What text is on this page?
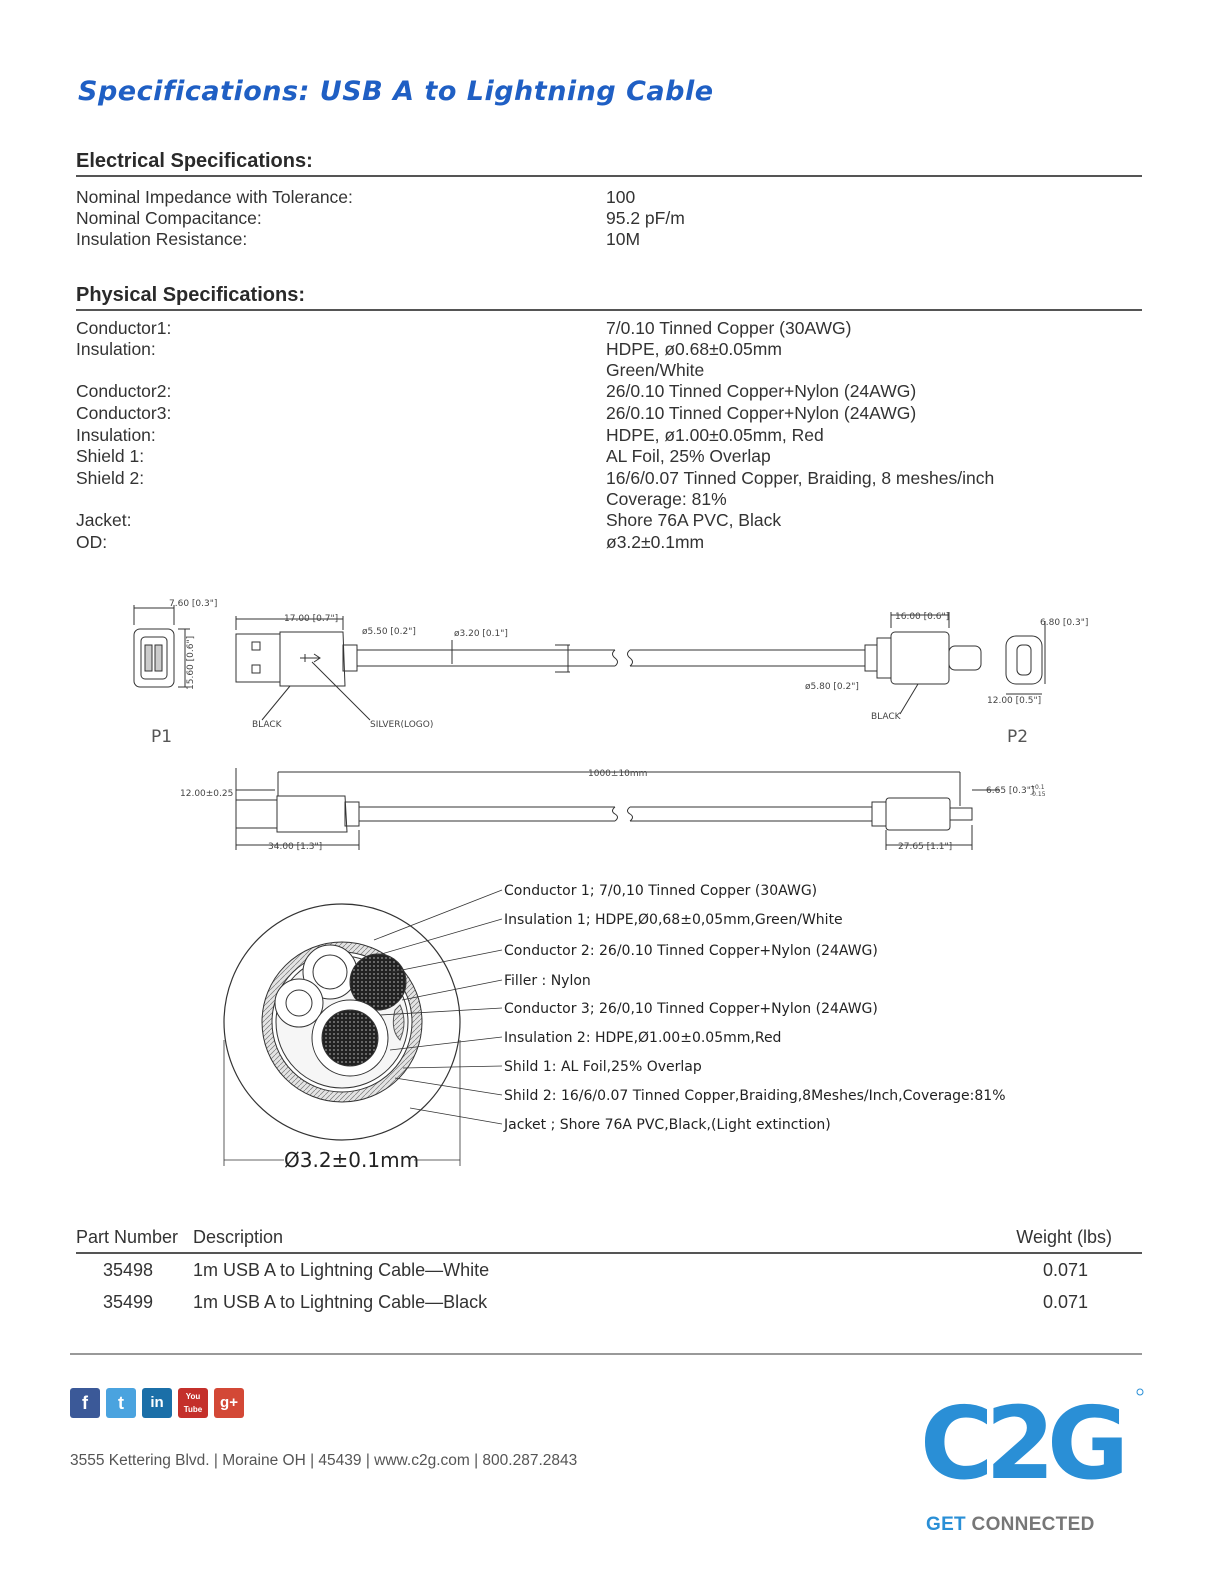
Specifications: USB A to Lightning Cable
Electrical Specifications:
Nominal Impedance with Tolerance:	100
Nominal Compacitance:	95.2 pF/m
Insulation Resistance:	10M
Physical Specifications:
Conductor1:	7/0.10 Tinned Copper (30AWG)
Insulation:	HDPE, ø0.68±0.05mm
Green/White
Conductor2:	26/0.10 Tinned Copper+Nylon (24AWG)
Conductor3:	26/0.10 Tinned Copper+Nylon (24AWG)
Insulation:	HDPE, ø1.00±0.05mm, Red
Shield 1:	AL Foil, 25% Overlap
Shield 2:	16/6/0.07 Tinned Copper, Braiding, 8 meshes/inch
Coverage: 81%
Jacket:	Shore 76A PVC, Black
OD:	ø3.2±0.1mm
7.60 [0.3"]
15.60 [0.6"]
17.00 [0.7"]
ø5.50 [0.2"]	ø3.20 [0.1"]
16.00 [0.6"]
ø5.80 [0.2"]
6.80 [0.3"]
12.00 [0.5"]
BLACK	SILVER(LOGO)
BLACK
1000±10mm
12.00±0.25	6.65 [0.3"]
+0.1
-0.15
34.00 [1.3"]	27.65 [1.1"]
P1	P2
Conductor 1; 7/0,10 Tinned Copper (30AWG)
Insulation 1; HDPE,Ø0,68±0,05mm,Green/White
Conductor 2: 26/0.10 Tinned Copper+Nylon (24AWG)
Filler : Nylon
Conductor 3; 26/0,10 Tinned Copper+Nylon (24AWG)
Insulation 2: HDPE,Ø1.00±0.05mm,Red
Shild 1: AL Foil,25% Overlap
Shild 2: 16/6/0.07 Tinned Copper,Braiding,8Meshes/Inch,Coverage:81%
Jacket ; Shore 76A PVC,Black,(Light extinction)
Ø3.2±0.1mm
Part Number Description	Weight (lbs)
35498 1m USB A to Lightning Cable—White	0.071
35499 1m USB A to Lightning Cable—Black	0.071
f	t	in	You Tube	g+
3555 Kettering Blvd. | Moraine OH | 45439 | www.c2g.com | 800.287.2843	C2G
GET CONNECTED
